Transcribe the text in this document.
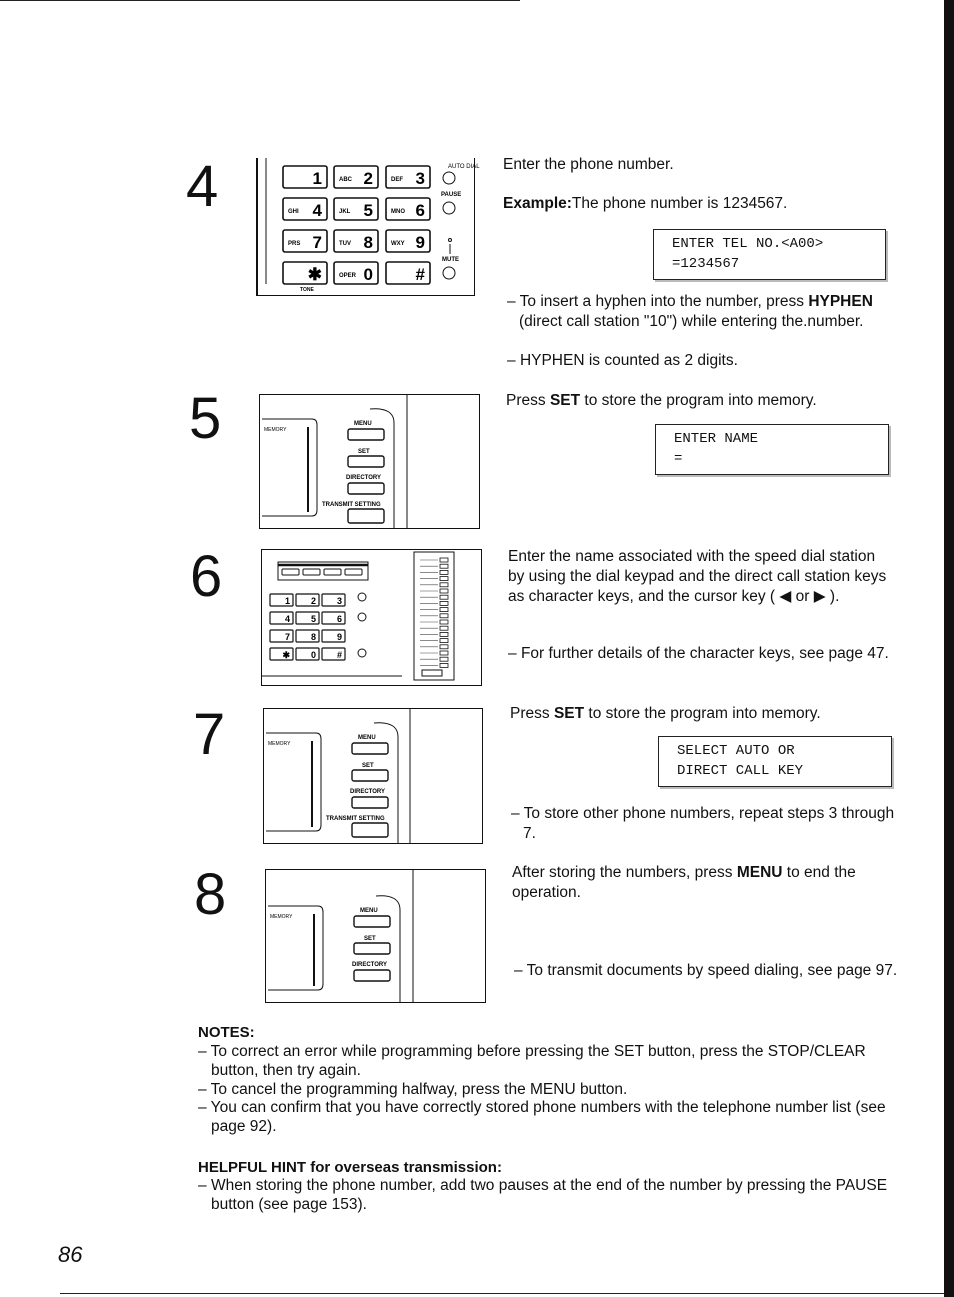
4	1	ABC 2	DEF 3
GHI 4	JKL 5	MNO 6
PRS 7	TUV 8	WXY 9
✱	OPER 0	#
AUTO DIAL
PAUSE
MUTE
TONE
Enter the phone number.
Example:The phone number is 1234567.
ENTER TEL NO.<A00>
=1234567
– To insert a hyphen into the number, press HYPHEN (direct call station "10") while entering the.number.
– HYPHEN is counted as 2 digits.
5	MEMORY
MENU
SET
DIRECTORY
TRANSMIT SETTING
Press SET to store the program into memory.
ENTER NAME
=
6	1 2 3
4 5 6
7 8 9
✱ 0 #
Enter the name associated with the speed dial station by using the dial keypad and the direct call station keys as character keys, and the cursor key ( ◀ or ▶ ).
– For further details of the character keys, see page 47.
7	MEMORY
MENU
SET
DIRECTORY
TRANSMIT SETTING
Press SET to store the program into memory.
SELECT AUTO OR
DIRECT CALL KEY
– To store other phone numbers, repeat steps 3 through 7.
8	MEMORY
MENU
SET
DIRECTORY
After storing the numbers, press MENU to end the operation.
– To transmit documents by speed dialing, see page 97.
NOTES:
– To correct an error while programming before pressing the SET button, press the STOP/CLEAR button, then try again.
– To cancel the programming halfway, press the MENU button.
– You can confirm that you have correctly stored phone numbers with the telephone number list (see page 92).
HELPFUL HINT for overseas transmission:
– When storing the phone number, add two pauses at the end of the number by pressing the PAUSE button (see page 153).
86
